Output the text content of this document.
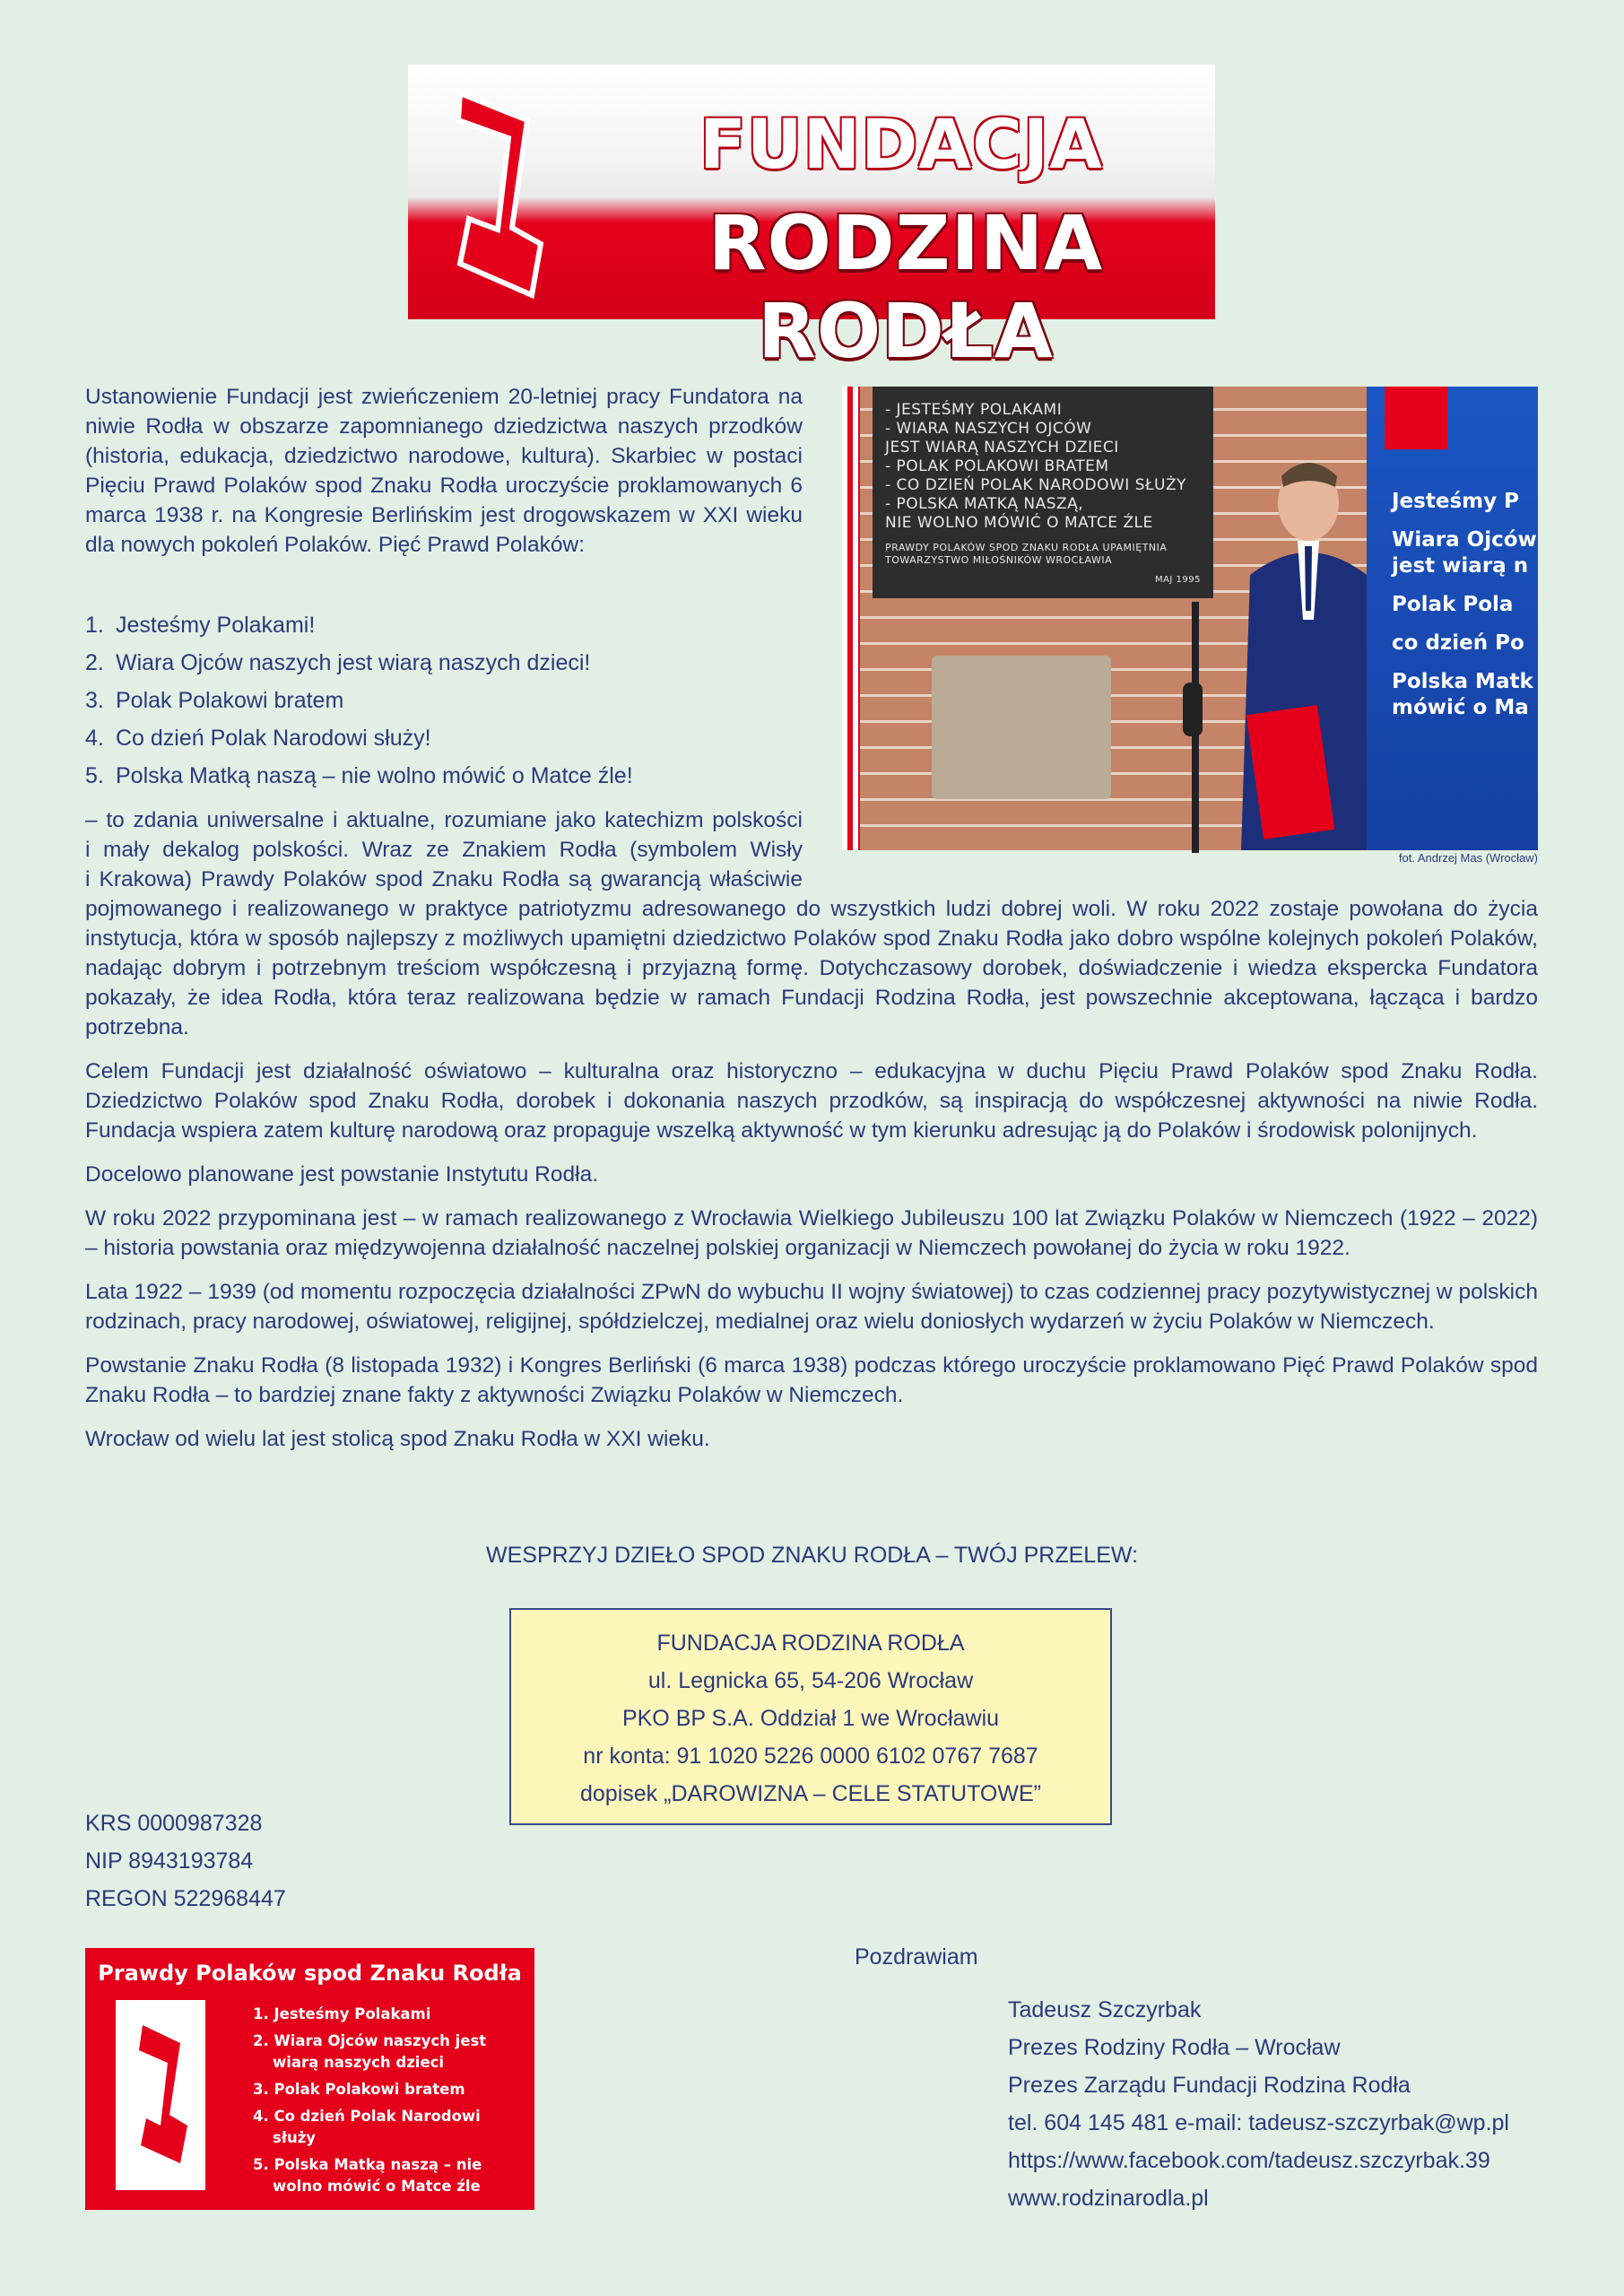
FUNDACJA
RODZINA RODŁA
- JESTEŚMY POLAKAMI
- WIARA NASZYCH OJCÓW
JEST WIARĄ NASZYCH DZIECI
- POLAK POLAKOWI BRATEM
- CO DZIEŃ POLAK NARODOWI SŁUŻY
- POLSKA MATKĄ NASZĄ,
NIE WOLNO MÓWIĆ O MATCE ŹLE
PRAWDY POLAKÓW SPOD ZNAKU RODŁA UPAMIĘTNIA TOWARZYSTWO MIŁOŚNIKÓW WROCŁAWIA
MAJ 1995
Jesteśmy P
Wiara Ojców
jest wiarą n
Polak Pola
co dzień Po
Polska Matk
mówić o Ma
fot. Andrzej Mas (Wrocław)

Ustanowienie Fundacji jest zwieńczeniem 20-letniej pracy Fundatora na niwie Rodła w obszarze zapomnianego dziedzictwa naszych przodków (historia, edukacja, dziedzictwo narodowe, kultura). Skarbiec w postaci Pięciu Prawd Polaków spod Znaku Rodła uroczyście proklamowanych 6 marca 1938 r. na Kongresie Berlińskim jest drogowskazem w XXI wieku dla nowych pokoleń Polaków. Pięć Prawd Polaków:

1. Jesteśmy Polakami!
2. Wiara Ojców naszych jest wiarą naszych dzieci!
3. Polak Polakowi bratem
4. Co dzień Polak Narodowi służy!
5. Polska Matką naszą – nie wolno mówić o Matce źle!

– to zdania uniwersalne i aktualne, rozumiane jako katechizm polskości
i mały dekalog polskości. Wraz ze Znakiem Rodła (symbolem Wisły
i Krakowa) Prawdy Polaków spod Znaku Rodła są gwarancją właściwie

pojmowanego i realizowanego w praktyce patriotyzmu adresowanego do wszystkich ludzi dobrej woli. W roku 2022 zostaje powołana do życia instytucja, która w sposób najlepszy z możliwych upamiętni dziedzictwo Polaków spod Znaku Rodła jako dobro wspólne kolejnych pokoleń Polaków, nadając dobrym i potrzebnym treściom współczesną i przyjazną formę. Dotychczasowy dorobek, doświadczenie i wiedza ekspercka Fundatora pokazały, że idea Rodła, która teraz realizowana będzie w ramach Fundacji Rodzina Rodła, jest powszechnie akceptowana, łącząca i bardzo potrzebna.

Celem Fundacji jest działalność oświatowo – kulturalna oraz historyczno – edukacyjna w duchu Pięciu Prawd Polaków spod Znaku Rodła. Dziedzictwo Polaków spod Znaku Rodła, dorobek i dokonania naszych przodków, są inspiracją do współczesnej aktywności na niwie Rodła. Fundacja wspiera zatem kulturę narodową oraz propaguje wszelką aktywność w tym kierunku adresując ją do Polaków i środowisk polonijnych.

Docelowo planowane jest powstanie Instytutu Rodła.

W roku 2022 przypominana jest – w ramach realizowanego z Wrocławia Wielkiego Jubileuszu 100 lat Związku Polaków w Niemczech (1922 – 2022) – historia powstania oraz międzywojenna działalność naczelnej polskiej organizacji w Niemczech powołanej do życia w roku 1922.

Lata 1922 – 1939 (od momentu rozpoczęcia działalności ZPwN do wybuchu II wojny światowej) to czas codziennej pracy pozytywistycznej w polskich rodzinach, pracy narodowej, oświatowej, religijnej, spółdzielczej, medialnej oraz wielu doniosłych wydarzeń w życiu Polaków w Niemczech.

Powstanie Znaku Rodła (8 listopada 1932) i Kongres Berliński (6 marca 1938) podczas którego uroczyście proklamowano Pięć Prawd Polaków spod Znaku Rodła – to bardziej znane fakty z aktywności Związku Polaków w Niemczech.

Wrocław od wielu lat jest stolicą spod Znaku Rodła w XXI wieku.

WESPRZYJ DZIEŁO SPOD ZNAKU RODŁA – TWÓJ PRZELEW:
FUNDACJA RODZINA RODŁA
ul. Legnicka 65, 54-206 Wrocław
PKO BP S.A. Oddział 1 we Wrocławiu
nr konta: 91 1020 5226 0000 6102 0767 7687
dopisek „DAROWIZNA – CELE STATUTOWE”
KRS 0000987328
NIP 8943193784
REGON 522968447
Prawdy Polaków spod Znaku Rodła
1. Jesteśmy Polakami
2. Wiara Ojców naszych jest wiarą naszych dzieci
3. Polak Polakowi bratem
4. Co dzień Polak Narodowi służy
5. Polska Matką naszą – nie wolno mówić o Matce źle
Pozdrawiam
Tadeusz Szczyrbak
Prezes Rodziny Rodła – Wrocław
Prezes Zarządu Fundacji Rodzina Rodła
tel. 604 145 481 e-mail: tadeusz-szczyrbak@wp.pl
https://www.facebook.com/tadeusz.szczyrbak.39
www.rodzinarodla.pl
